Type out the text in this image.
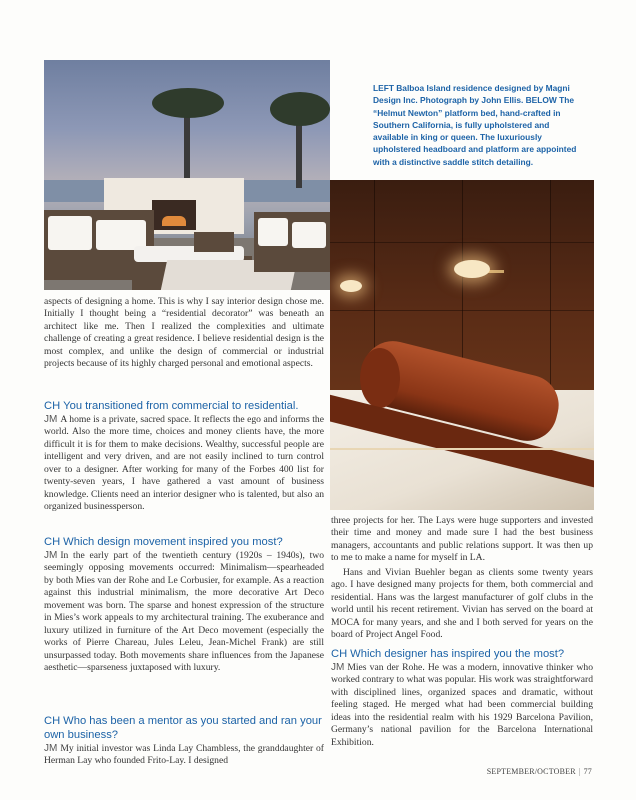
LEFT Balboa Island residence designed by Magni Design Inc. Photograph by John Ellis. BELOW The “Helmut Newton” platform bed, hand-crafted in Southern California, is fully upholstered and available in king or queen. The luxuriously upholstered headboard and platform are appointed with a distinctive saddle stitch detailing.
aspects of designing a home. This is why I say interior design chose me. Initially I thought being a “residential decorator” was beneath an architect like me. Then I realized the complexities and ultimate challenge of creating a great residence. I believe residential design is the most complex, and unlike the design of commercial or industrial projects because of its highly charged personal and emotional aspects.
CH You transitioned from commercial to residential.
JM A home is a private, sacred space. It reflects the ego and informs the world. Also the more time, choices and money clients have, the more difficult it is for them to make decisions. Wealthy, successful people are intelligent and very driven, and are not easily inclined to turn control over to a designer. After working for many of the Forbes 400 list for twenty-seven years, I have gathered a vast amount of business knowledge. Clients need an interior designer who is talented, but also an organized businessperson.
CH Which design movement inspired you most?
JM In the early part of the twentieth century (1920s – 1940s), two seemingly opposing movements occurred: Minimalism—spearheaded by both Mies van der Rohe and Le Corbusier, for example. As a reaction against this industrial minimalism, the more decorative Art Deco movement was born. The sparse and honest expression of the structure in Mies’s work appeals to my architectural training. The exuberance and luxury utilized in furniture of the Art Deco movement (especially the works of Pierre Chareau, Jules Leleu, Jean-Michel Frank) are still unsurpassed today. Both movements share influences from the Japanese aesthetic—sparseness juxtaposed with luxury.
CH Who has been a mentor as you started and ran your own business?
JM My initial investor was Linda Lay Chambless, the granddaughter of Herman Lay who founded Frito-Lay. I designed
three projects for her. The Lays were huge supporters and invested their time and money and made sure I had the best business managers, accountants and public relations support. It was then up to me to make a name for myself in LA.
Hans and Vivian Buehler began as clients some twenty years ago. I have designed many projects for them, both commercial and residential. Hans was the largest manufacturer of golf clubs in the world until his recent retirement. Vivian has served on the board at MOCA for many years, and she and I both served for years on the board of Project Angel Food.
CH Which designer has inspired you the most?
JM Mies van der Rohe. He was a modern, innovative thinker who worked contrary to what was popular. His work was straightforward with disciplined lines, organized spaces and dramatic, without feeling staged. He merged what had been commercial building ideas into the residential realm with his 1929 Barcelona Pavilion, Germany’s national pavilion for the Barcelona International Exhibition.
SEPTEMBER/OCTOBER | 77
